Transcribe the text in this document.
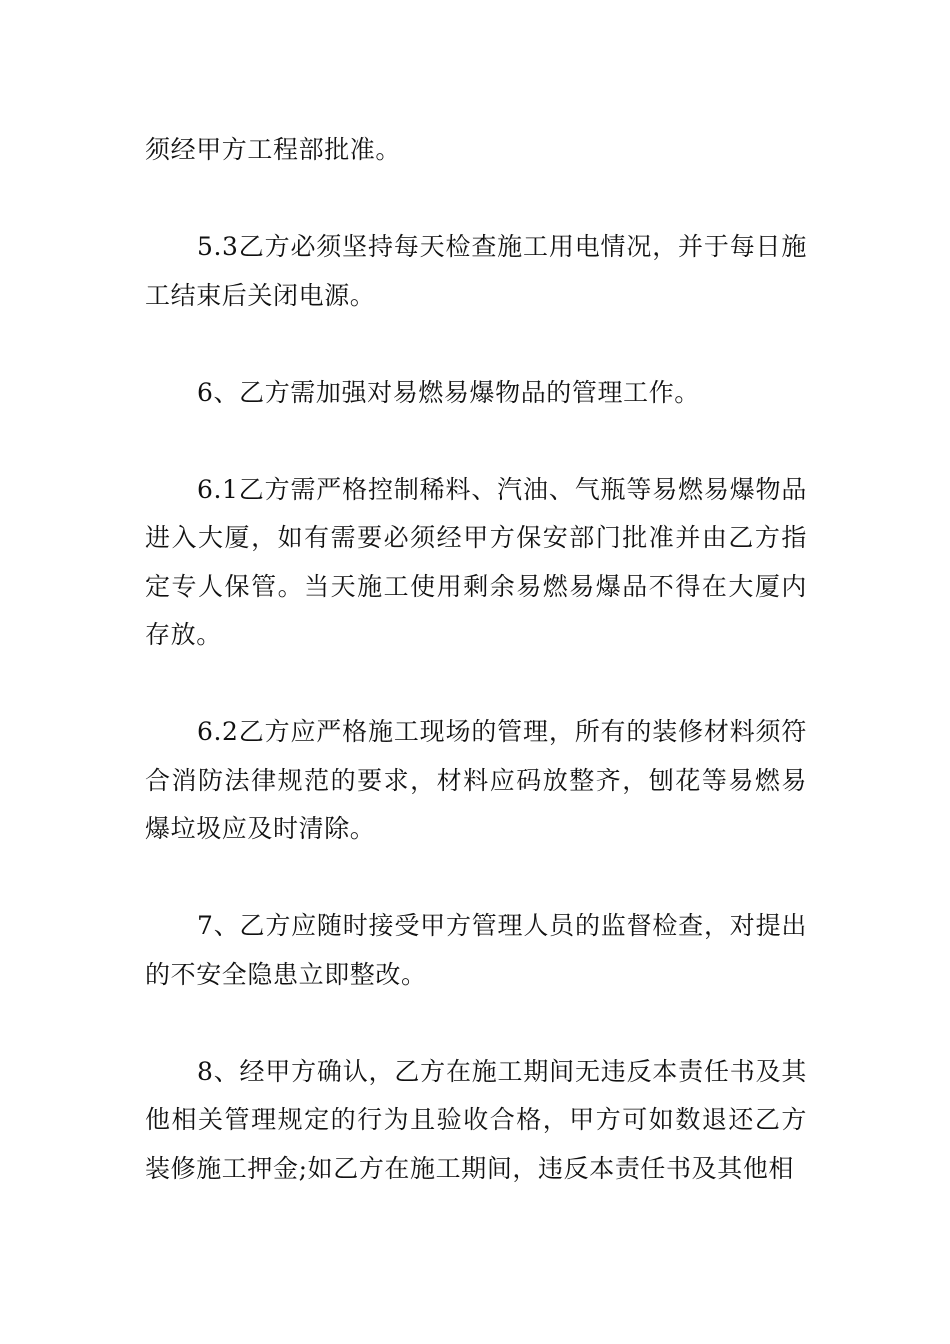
须经甲方工程部批准。

5.3乙方必须坚持每天检查施工用电情况，并于每日施工结束后关闭电源。

6、乙方需加强对易燃易爆物品的管理工作。

6.1乙方需严格控制稀料、汽油、气瓶等易燃易爆物品进入大厦，如有需要必须经甲方保安部门批准并由乙方指定专人保管。当天施工使用剩余易燃易爆品不得在大厦内存放。

6.2乙方应严格施工现场的管理，所有的装修材料须符合消防法律规范的要求，材料应码放整齐，刨花等易燃易爆垃圾应及时清除。

7、乙方应随时接受甲方管理人员的监督检查，对提出的不安全隐患立即整改。

8、经甲方确认，乙方在施工期间无违反本责任书及其他相关管理规定的行为且验收合格，甲方可如数退还乙方装修施工押金;如乙方在施工期间，违反本责任书及其他相
